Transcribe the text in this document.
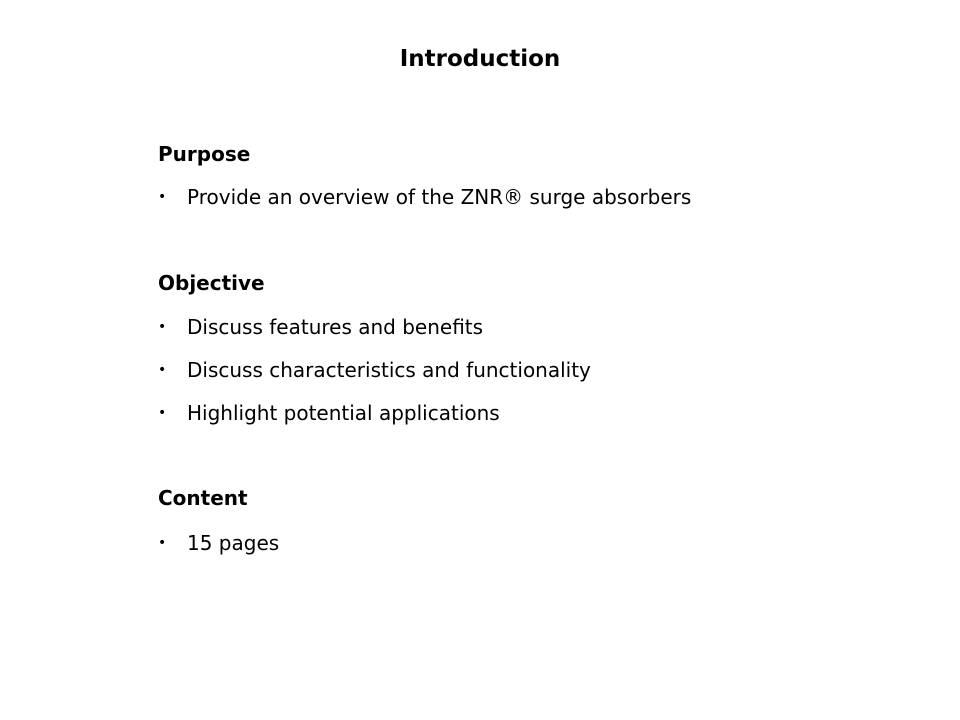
Introduction
Purpose
• Provide an overview of the ZNR® surge absorbers
Objective
• Discuss features and benefits
• Discuss characteristics and functionality
• Highlight potential applications
Content
• 15 pages
